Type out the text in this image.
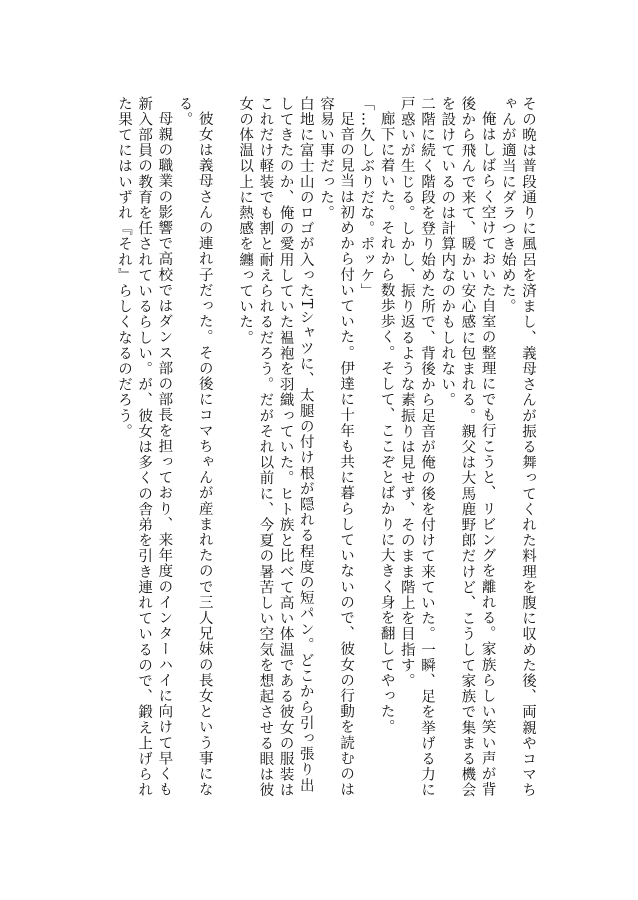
その晩は普段通りに風呂を済まし、義母さんが振る舞ってくれた料理を腹に収めた後、両親やコマちゃんが適当にダラつき始めた。

俺はしばらく空けておいた自室の整理にでも行こうと、リビングを離れる。家族らしい笑い声が背後から飛んで来て、暖かい安心感に包まれる。親父は大馬鹿野郎だけど、こうして家族で集まる機会を設けているのは計算内なのかもしれない。

二階に続く階段を登り始めた所で、背後から足音が俺の後を付けて来ていた。一瞬、足を挙げる力に戸惑いが生じる。しかし、振り返るような素振りは見せず、そのまま階上を目指す。

廊下に着いた。それから数歩歩く。そして、ここぞとばかりに大きく身を翻してやった。

「…久しぶりだな。ポッケ」

足音の見当は初めから付いていた。伊達に十年も共に暮らしていないので、彼女の行動を読むのは容易い事だった。

白地に富士山のロゴが入ったTシャツに、太腿の付け根が隠れる程度の短パン。どこから引っ張り出してきたのか、俺の愛用していた褞袍を羽織っていた。ヒト族と比べて高い体温である彼女の服装はこれだけ軽装でも割と耐えられるだろう。だがそれ以前に、今夏の暑苦しい空気を想起させる眼は彼女の体温以上に熱感を纏っていた。

彼女は義母さんの連れ子だった。その後にコマちゃんが産まれたので三人兄妹の長女という事になる。

母親の職業の影響で高校ではダンス部の部長を担っており、来年度のインターハイに向けて早くも新入部員の教育を任されているらしい。が、彼女は多くの舎弟を引き連れているので、鍛え上げられた果てにはいずれ『それ』らしくなるのだろう。
